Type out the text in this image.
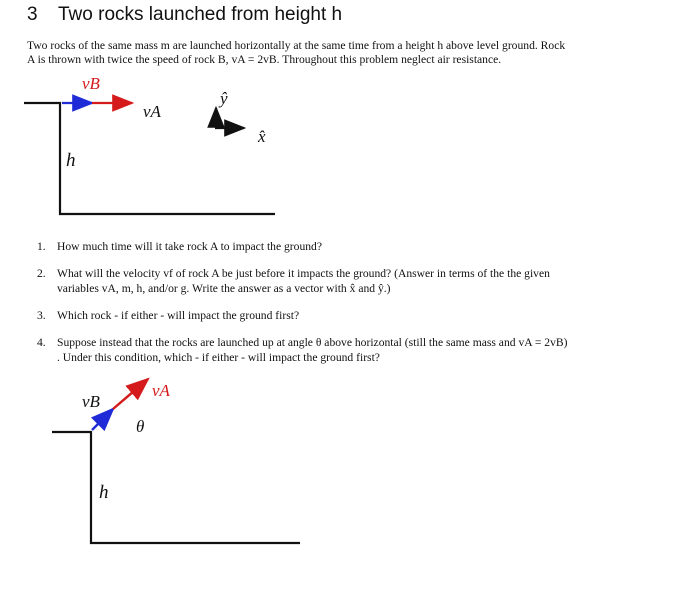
3 Two rocks launched from height h
Two rocks of the same mass m are launched horizontally at the same time from a height h above level ground. Rock
A is thrown with twice the speed of rock B, vA = 2vB. Throughout this problem neglect air resistance.
vB
vA
h
ŷ
x̂
vB
vA
θ
h
1. How much time will it take rock A to impact the ground?
2. What will the velocity vf of rock A be just before it impacts the ground? (Answer in terms of the the given
variables vA, m, h, and/or g. Write the answer as a vector with x̂ and ŷ.)
3. Which rock - if either - will impact the ground first?
4. Suppose instead that the rocks are launched up at angle θ above horizontal (still the same mass and vA = 2vB)
. Under this condition, which - if either - will impact the ground first?
